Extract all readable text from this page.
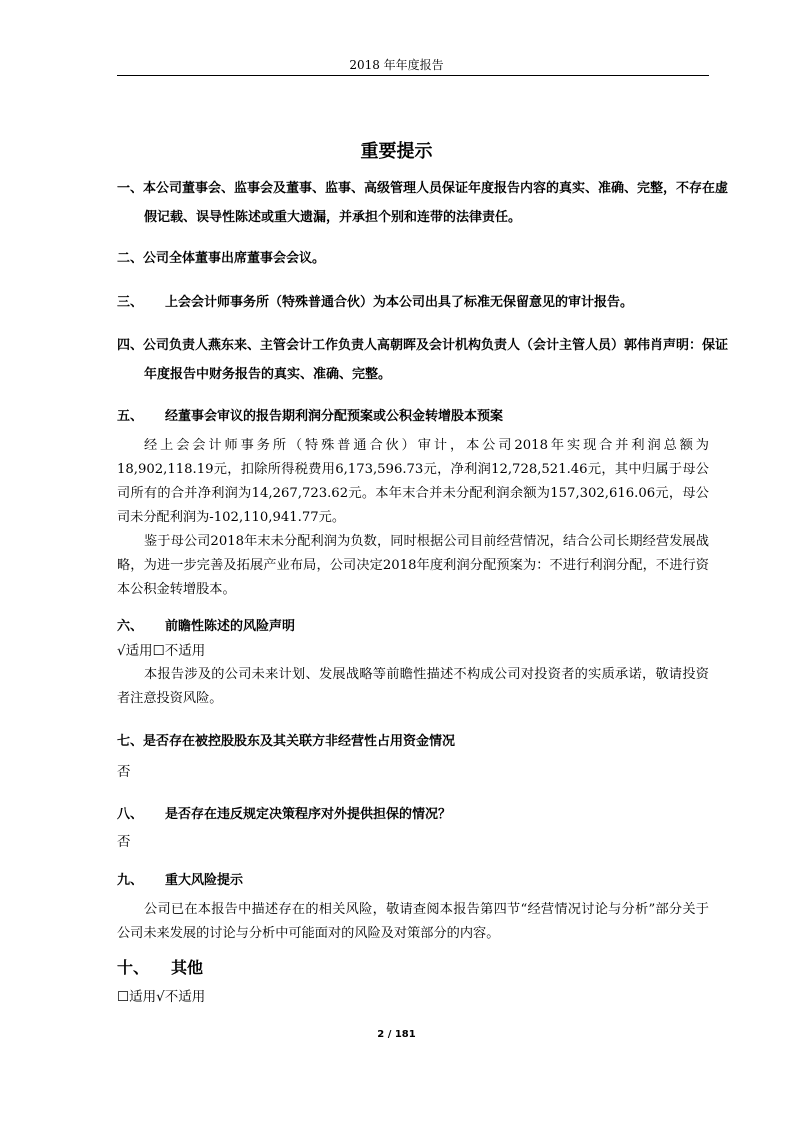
2018 年年度报告
重要提示
一、本公司董事会、监事会及董事、监事、高级管理人员保证年度报告内容的真实、准确、完整，不存在虚假记载、误导性陈述或重大遗漏，并承担个别和连带的法律责任。
二、公司全体董事出席董事会会议。
三、 上会会计师事务所（特殊普通合伙）为本公司出具了标准无保留意见的审计报告。
四、公司负责人燕东来、主管会计工作负责人高朝晖及会计机构负责人（会计主管人员）郭伟肖声明：保证年度报告中财务报告的真实、准确、完整。
五、 经董事会审议的报告期利润分配预案或公积金转增股本预案

经上会会计师事务所（特殊普通合伙）审计，本公司2018年实现合并利润总额为18,902,118.19元，扣除所得税费用6,173,596.73元，净利润12,728,521.46元，其中归属于母公司所有的合并净利润为14,267,723.62元。本年末合并未分配利润余额为157,302,616.06元，母公司未分配利润为-102,110,941.77元。

鉴于母公司2018年末未分配利润为负数，同时根据公司目前经营情况，结合公司长期经营发展战略，为进一步完善及拓展产业布局，公司决定2018年度利润分配预案为：不进行利润分配，不进行资本公积金转增股本。

六、 前瞻性陈述的风险声明
√适用☐不适用

本报告涉及的公司未来计划、发展战略等前瞻性描述不构成公司对投资者的实质承诺，敬请投资者注意投资风险。

七、是否存在被控股股东及其关联方非经营性占用资金情况
否
八、 是否存在违反规定决策程序对外提供担保的情况？
否
九、 重大风险提示

公司已在本报告中描述存在的相关风险，敬请查阅本报告第四节“经营情况讨论与分析”部分关于公司未来发展的讨论与分析中可能面对的风险及对策部分的内容。

十、 其他
☐适用√不适用
2 / 181
